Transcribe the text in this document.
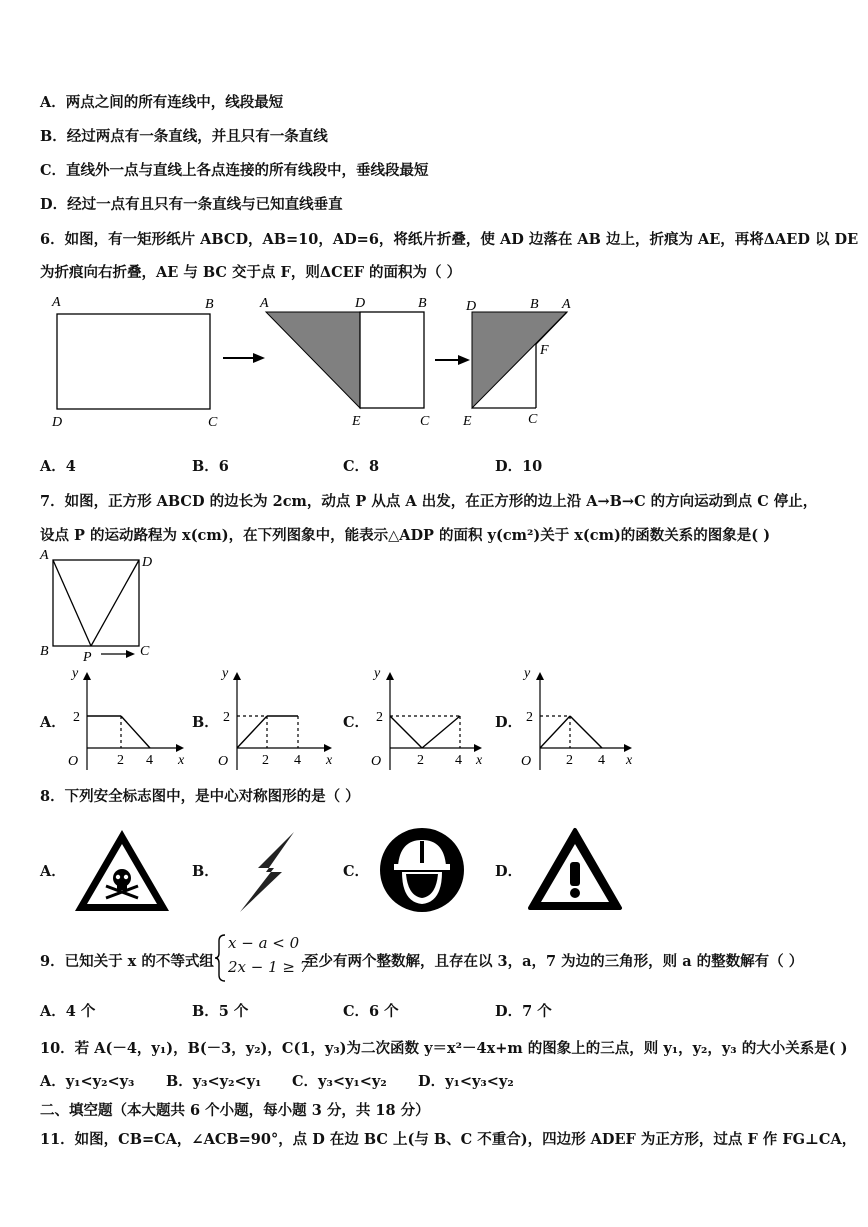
A．两点之间的所有连线中，线段最短
B．经过两点有一条直线，并且只有一条直线
C．直线外一点与直线上各点连接的所有线段中，垂线段最短
D．经过一点有且只有一条直线与已知直线垂直
6．如图，有一矩形纸片 ABCD，AB=10，AD=6，将纸片折叠，使 AD 边落在 AB 边上，折痕为 AE，再将ΔAED 以 DE
为折痕向右折叠，AE 与 BC 交于点 F，则ΔCEF 的面积为（ ）
A	B
D	C
A	D	B
E	C
D	B A
F
E	C
A．4	B．6	C．8	D．10
7．如图，正方形 ABCD 的边长为 2cm，动点 P 从点 A 出发，在正方形的边上沿 A→B→C 的方向运动到点 C 停止，
设点 P 的运动路程为 x(cm)，在下列图象中，能表示△ADP 的面积 y(cm²)关于 x(cm)的函数关系的图象是( )
A	D
B	C
P
A．	B．	C．	D．
y
x
O
2
2 4
y
x
O
2
2 4
y
x
O
2
2 4
y
x
O
2
2 4
8．下列安全标志图中，是中心对称图形的是（ ）
A．	B．	C．	D．
9．已知关于 x 的不等式组
x − a < 0
2x − 1 ≥ 7
至少有两个整数解，且存在以 3，a，7 为边的三角形，则 a 的整数解有（ ）
A．4 个	B．5 个	C．6 个	D．7 个
10．若 A(－4，y₁)，B(－3，y₂)，C(1，y₃)为二次函数 y＝x²－4x+m 的图象上的三点，则 y₁，y₂，y₃ 的大小关系是( )
A．y₁<y₂<y₃ B．y₃<y₂<y₁ C．y₃<y₁<y₂ D．y₁<y₃<y₂
二、填空题（本大题共 6 个小题，每小题 3 分，共 18 分）
11．如图，CB=CA，∠ACB=90°，点 D 在边 BC 上(与 B、C 不重合)，四边形 ADEF 为正方形，过点 F 作 FG⊥CA，
